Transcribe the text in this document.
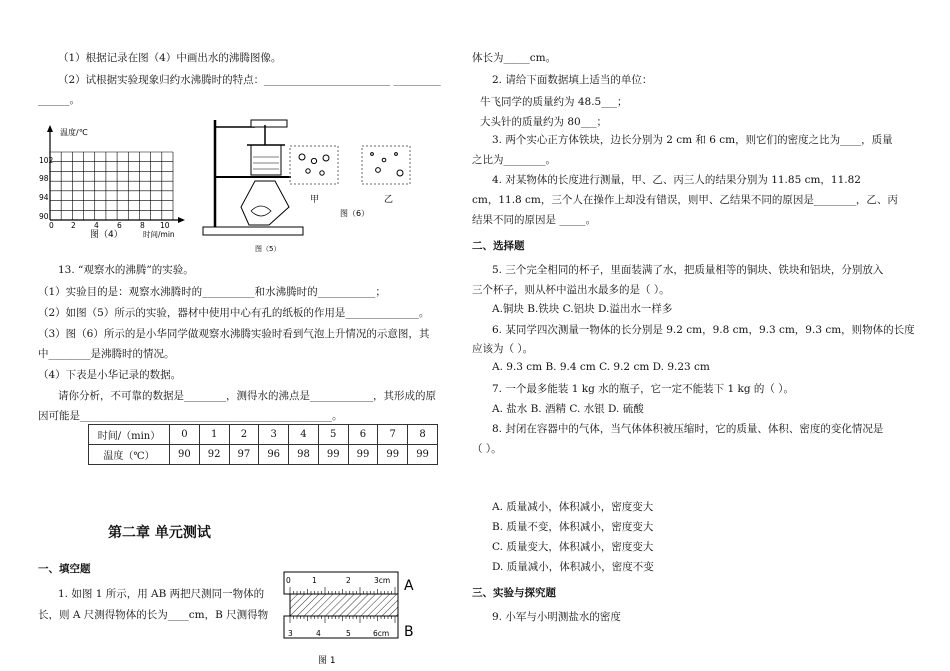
（1）根据记录在图（4）中画出水的沸腾图像。
（2）试根据实验现象归约水沸腾时的特点：________________________ _________
______。
温度/℃
102
98
94
90
0 2 4 6 8 10
时间/min
图（4）
图（5）
甲	乙
图（6）
13. “观察水的沸腾”的实验。
（1）实验目的是：观察水沸腾时的__________和水沸腾时的___________；
（2）如图（5）所示的实验，器材中使用中心有孔的纸板的作用是______________。
（3）图（6）所示的是小华同学做观察水沸腾实验时看到气泡上升情况的示意图，其
中________是沸腾时的情况。
（4）下表是小华记录的数据。
请你分析，不可靠的数据是________，测得水的沸点是____________，其形成的原
因可能是________________________________________________。
时间/（min）	0	1	2	3	4	5	6	7	8
温度（℃）	90	92	97	96	98	99	99	99	99
第二章 单元测试
一、填空题
1. 如图 1 所示，用 AB 两把尺测同一物体的
长，则 A 尺测得物体的长为____cm，B 尺测得物
0	1	2	3cm A
3	4	5	6cm B
图 1
体长为_____cm。
2. 请给下面数据填上适当的单位：
牛飞同学的质量约为 48.5___；
大头针的质量约为 80___；
3. 两个实心正方体铁块，边长分别为 2 cm 和 6 cm，则它们的密度之比为____，质量
之比为________。
4. 对某物体的长度进行测量，甲、乙、丙三人的结果分别为 11.85 cm，11.82
cm，11.8 cm，三个人在操作上却没有错误，则甲、乙结果不同的原因是________，乙、丙
结果不同的原因是 _____。
二、选择题
5. 三个完全相同的杯子，里面装满了水，把质量相等的铜块、铁块和铝块，分别放入
三个杯子，则从杯中溢出水最多的是（ ）。
A.铜块 B.铁块 C.铝块 D.溢出水一样多
6. 某同学四次测量一物体的长分别是 9.2 cm，9.8 cm，9.3 cm，9.3 cm，则物体的长度
应该为（ ）。
A. 9.3 cm B. 9.4 cm C. 9.2 cm D. 9.23 cm
7. 一个最多能装 1 kg 水的瓶子，它一定不能装下 1 kg 的（ ）。
A. 盐水 B. 酒精 C. 水银 D. 硫酸
8. 封闭在容器中的气体，当气体体积被压缩时，它的质量、体积、密度的变化情况是
（ ）。
A. 质量减小，体积减小，密度变大
B. 质量不变，体积减小，密度变大
C. 质量变大，体积减小，密度变大
D. 质量减小，体积减小，密度不变
三、实验与探究题
9. 小军与小明测盐水的密度
